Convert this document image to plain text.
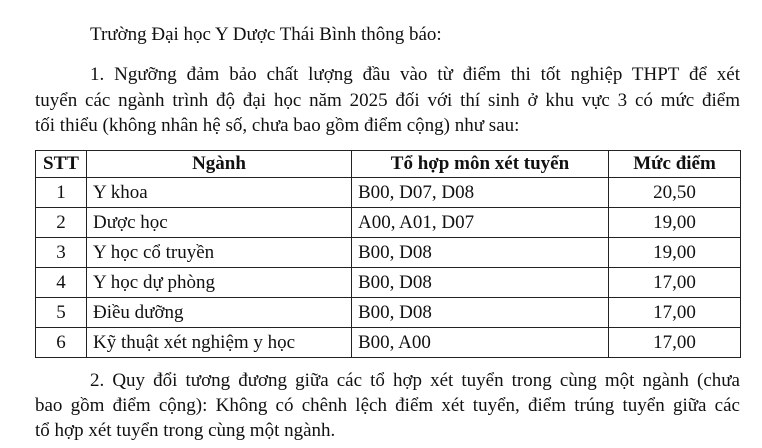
Trường Đại học Y Dược Thái Bình thông báo:
1. Ngưỡng đảm bảo chất lượng đầu vào từ điểm thi tốt nghiệp THPT để xét
tuyển các ngành trình độ đại học năm 2025 đối với thí sinh ở khu vực 3 có mức điểm
tối thiểu (không nhân hệ số, chưa bao gồm điểm cộng) như sau:
STT	Ngành	Tổ hợp môn xét tuyển	Mức điểm
1	Y khoa	B00, D07, D08	20,50
2	Dược học	A00, A01, D07	19,00
3	Y học cổ truyền	B00, D08	19,00
4	Y học dự phòng	B00, D08	17,00
5	Điều dưỡng	B00, D08	17,00
6	Kỹ thuật xét nghiệm y học	B00, A00	17,00
2. Quy đổi tương đương giữa các tổ hợp xét tuyển trong cùng một ngành (chưa
bao gồm điểm cộng): Không có chênh lệch điểm xét tuyển, điểm trúng tuyển giữa các
tổ hợp xét tuyển trong cùng một ngành.
